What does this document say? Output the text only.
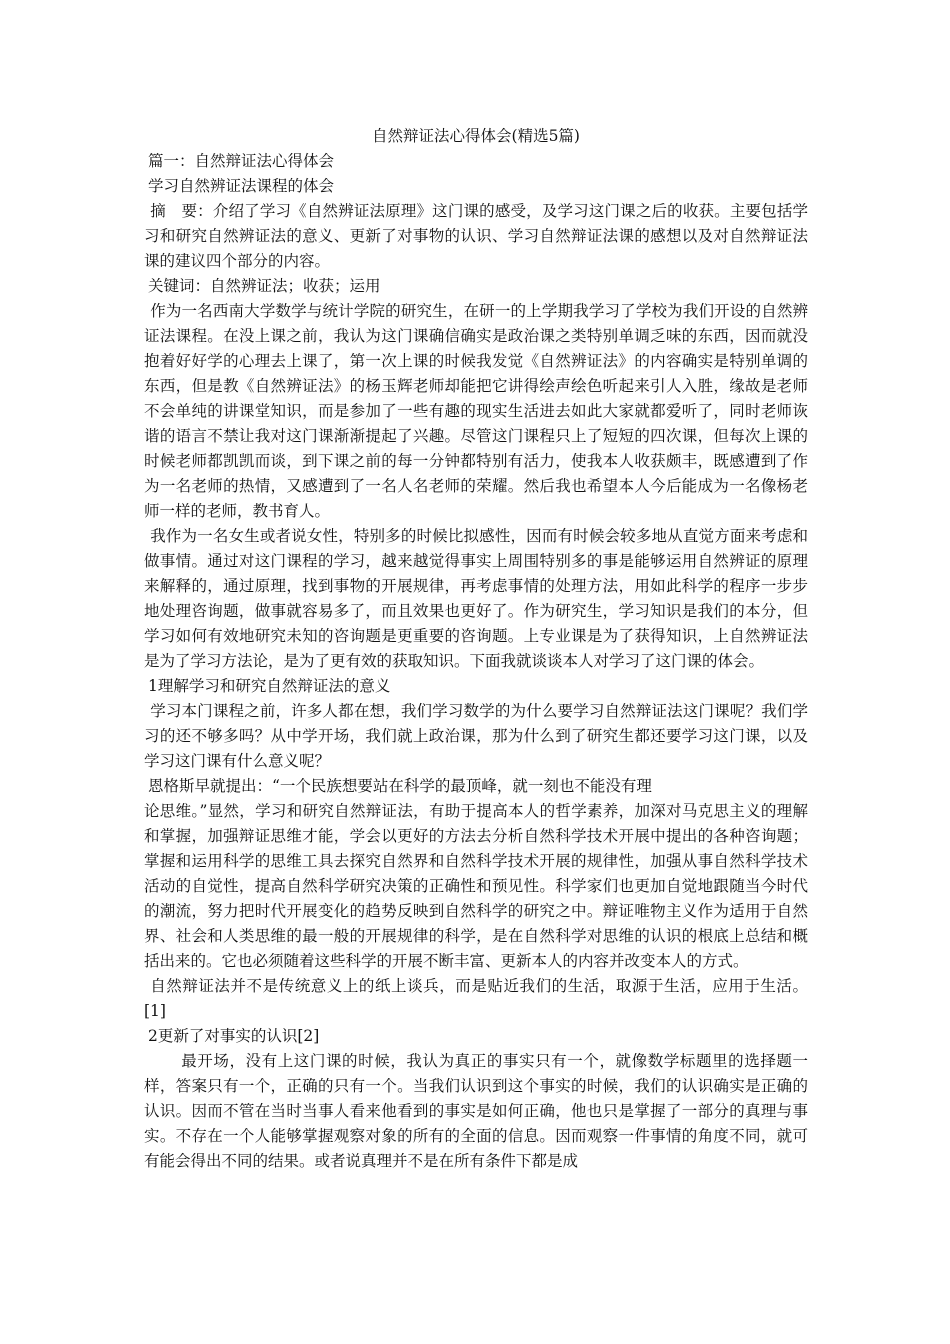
自然辩证法心得体会(精选5篇)

篇一：自然辩证法心得体会

学习自然辨证法课程的体会

摘　要：介绍了学习《自然辨证法原理》这门课的感受，及学习这门课之后的收获。主要包括学习和研究自然辨证法的意义、更新了对事物的认识、学习自然辩证法课的感想以及对自然辩证法课的建议四个部分的内容。

关键词：自然辨证法；收获；运用

作为一名西南大学数学与统计学院的研究生，在研一的上学期我学习了学校为我们开设的自然辨证法课程。在没上课之前，我认为这门课确信确实是政治课之类特别单调乏味的东西，因而就没抱着好好学的心理去上课了，第一次上课的时候我发觉《自然辨证法》的内容确实是特别单调的东西，但是教《自然辨证法》的杨玉辉老师却能把它讲得绘声绘色听起来引人入胜，缘故是老师不会单纯的讲课堂知识，而是参加了一些有趣的现实生活进去如此大家就都爱听了，同时老师诙谐的语言不禁让我对这门课渐渐提起了兴趣。尽管这门课程只上了短短的四次课，但每次上课的时候老师都凯凯而谈，到下课之前的每一分钟都特别有活力，使我本人收获颇丰，既感遭到了作为一名老师的热情，又感遭到了一名人名老师的荣耀。然后我也希望本人今后能成为一名像杨老师一样的老师，教书育人。

我作为一名女生或者说女性，特别多的时候比拟感性，因而有时候会较多地从直觉方面来考虑和做事情。通过对这门课程的学习，越来越觉得事实上周围特别多的事是能够运用自然辨证的原理来解释的，通过原理，找到事物的开展规律，再考虑事情的处理方法，用如此科学的程序一步步地处理咨询题，做事就容易多了，而且效果也更好了。作为研究生，学习知识是我们的本分，但学习如何有效地研究未知的咨询题是更重要的咨询题。上专业课是为了获得知识，上自然辨证法是为了学习方法论，是为了更有效的获取知识。下面我就谈谈本人对学习了这门课的体会。

1理解学习和研究自然辩证法的意义

学习本门课程之前，许多人都在想，我们学习数学的为什么要学习自然辩证法这门课呢？我们学习的还不够多吗？从中学开场，我们就上政治课，那为什么到了研究生都还要学习这门课，以及学习这门课有什么意义呢？

恩格斯早就提出：“一个民族想要站在科学的最顶峰，就一刻也不能没有理

论思维。”显然，学习和研究自然辩证法，有助于提高本人的哲学素养，加深对马克思主义的理解和掌握，加强辩证思维才能，学会以更好的方法去分析自然科学技术开展中提出的各种咨询题；掌握和运用科学的思维工具去探究自然界和自然科学技术开展的规律性，加强从事自然科学技术活动的自觉性，提高自然科学研究决策的正确性和预见性。科学家们也更加自觉地跟随当今时代的潮流，努力把时代开展变化的趋势反映到自然科学的研究之中。辩证唯物主义作为适用于自然界、社会和人类思维的最一般的开展规律的科学，是在自然科学对思维的认识的根底上总结和概括出来的。它也必须随着这些科学的开展不断丰富、更新本人的内容并改变本人的方式。

自然辩证法并不是传统意义上的纸上谈兵，而是贴近我们的生活，取源于生活，应用于生活。 [1]

2更新了对事实的认识[2]

最开场，没有上这门课的时候，我认为真正的事实只有一个，就像数学标题里的选择题一样，答案只有一个，正确的只有一个。当我们认识到这个事实的时候，我们的认识确实是正确的认识。因而不管在当时当事人看来他看到的事实是如何正确，他也只是掌握了一部分的真理与事实。不存在一个人能够掌握观察对象的所有的全面的信息。因而观察一件事情的角度不同，就可有能会得出不同的结果。或者说真理并不是在所有条件下都是成
